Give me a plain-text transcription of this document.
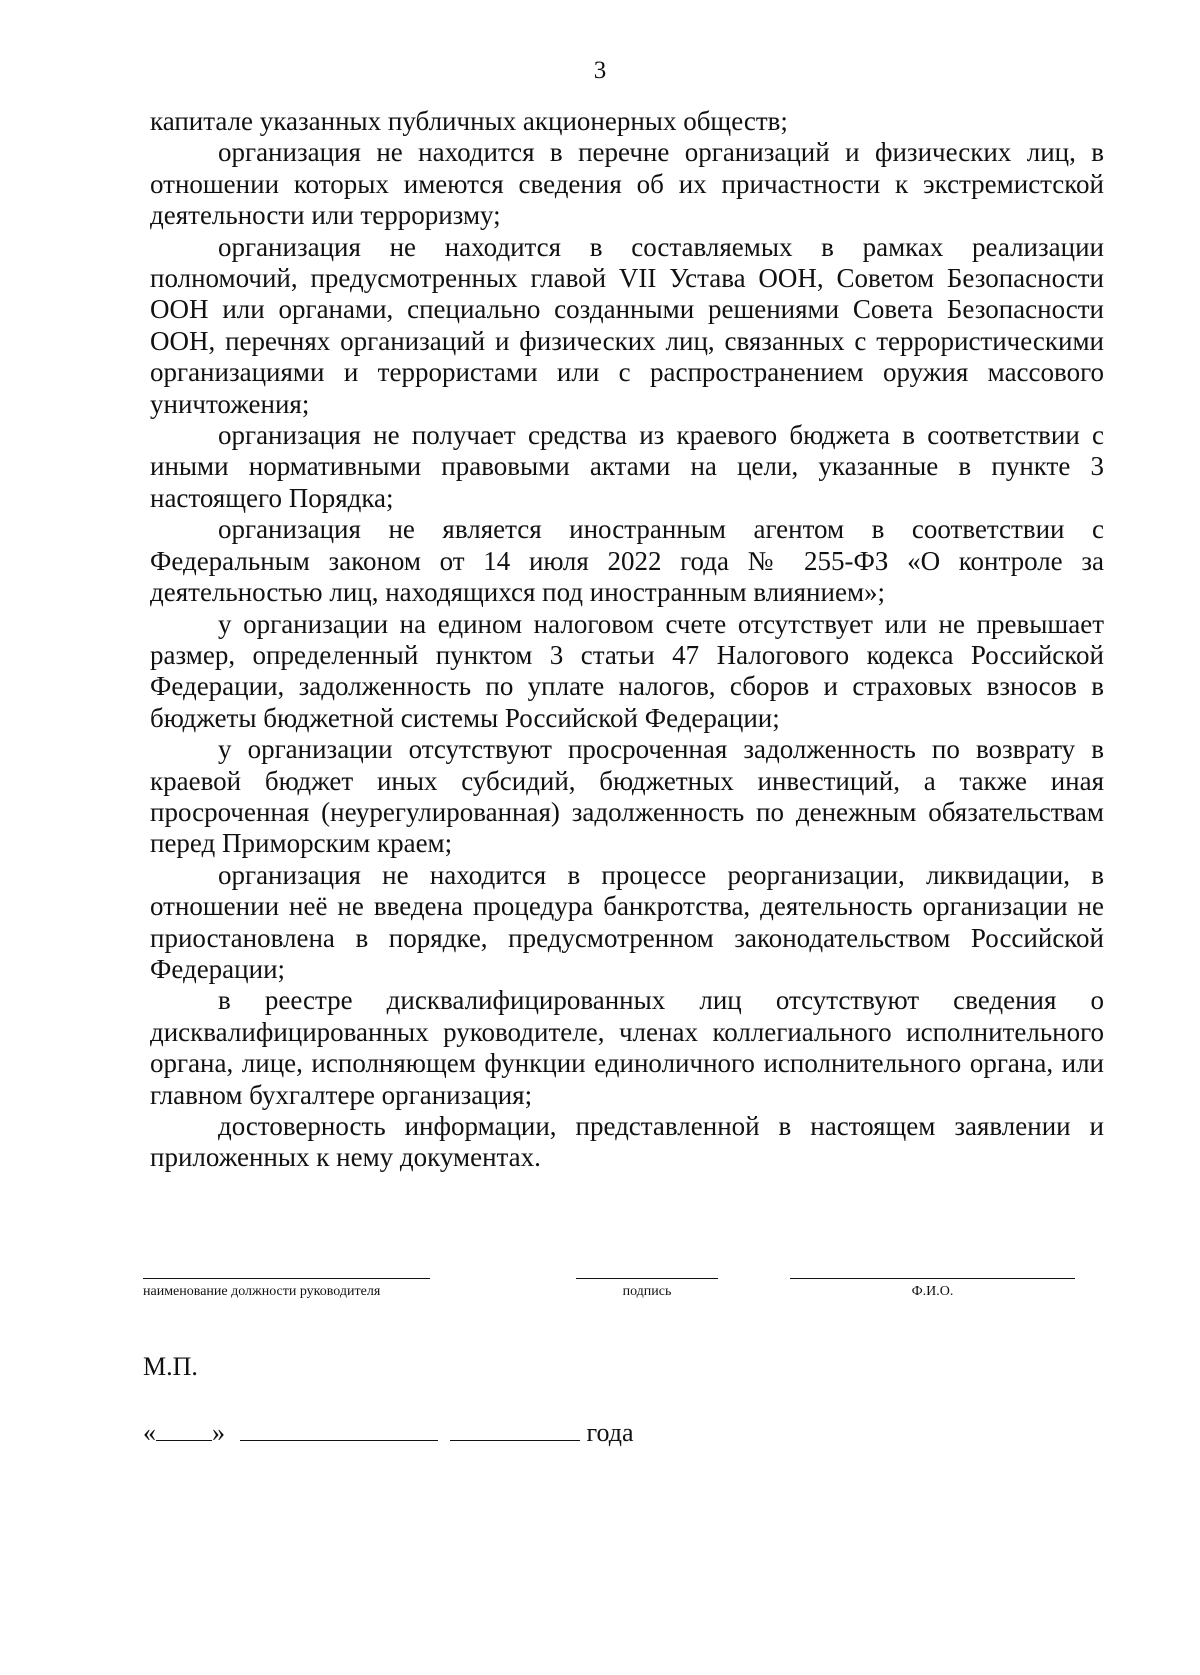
3

капитале указанных публичных акционерных обществ;

организация не находится в перечне организаций и физических лиц, в отношении которых имеются сведения об их причастности к экстремистской деятельности или терроризму;

организация не находится в составляемых в рамках реализации полномочий, предусмотренных главой VII Устава ООН, Советом Безопасности ООН или органами, специально созданными решениями Совета Безопасности ООН, перечнях организаций и физических лиц, связанных с террористическими организациями и террористами или с распространением оружия массового уничтожения;

организация не получает средства из краевого бюджета в соответствии с иными нормативными правовыми актами на цели, указанные в пункте 3 настоящего Порядка;

организация не является иностранным агентом в соответствии с Федеральным законом от 14 июля 2022 года № 255-ФЗ «О контроле за деятельностью лиц, находящихся под иностранным влиянием»;

у организации на едином налоговом счете отсутствует или не превышает размер, определенный пунктом 3 статьи 47 Налогового кодекса Российской Федерации, задолженность по уплате налогов, сборов и страховых взносов в бюджеты бюджетной системы Российской Федерации;

у организации отсутствуют просроченная задолженность по возврату в краевой бюджет иных субсидий, бюджетных инвестиций, а также иная просроченная (неурегулированная) задолженность по денежным обязательствам перед Приморским краем;

организация не находится в процессе реорганизации, ликвидации, в отношении неё не введена процедура банкротства, деятельность организации не приостановлена в порядке, предусмотренном законодательством Российской Федерации;

в реестре дисквалифицированных лиц отсутствуют сведения о дисквалифицированных руководителе, членах коллегиального исполнительного органа, лице, исполняющем функции единоличного исполнительного органа, или главном бухгалтере организация;

достоверность информации, представленной в настоящем заявлении и приложенных к нему документах.

наименование должности руководителя	подпись	Ф.И.О.
М.П.
« »	года
